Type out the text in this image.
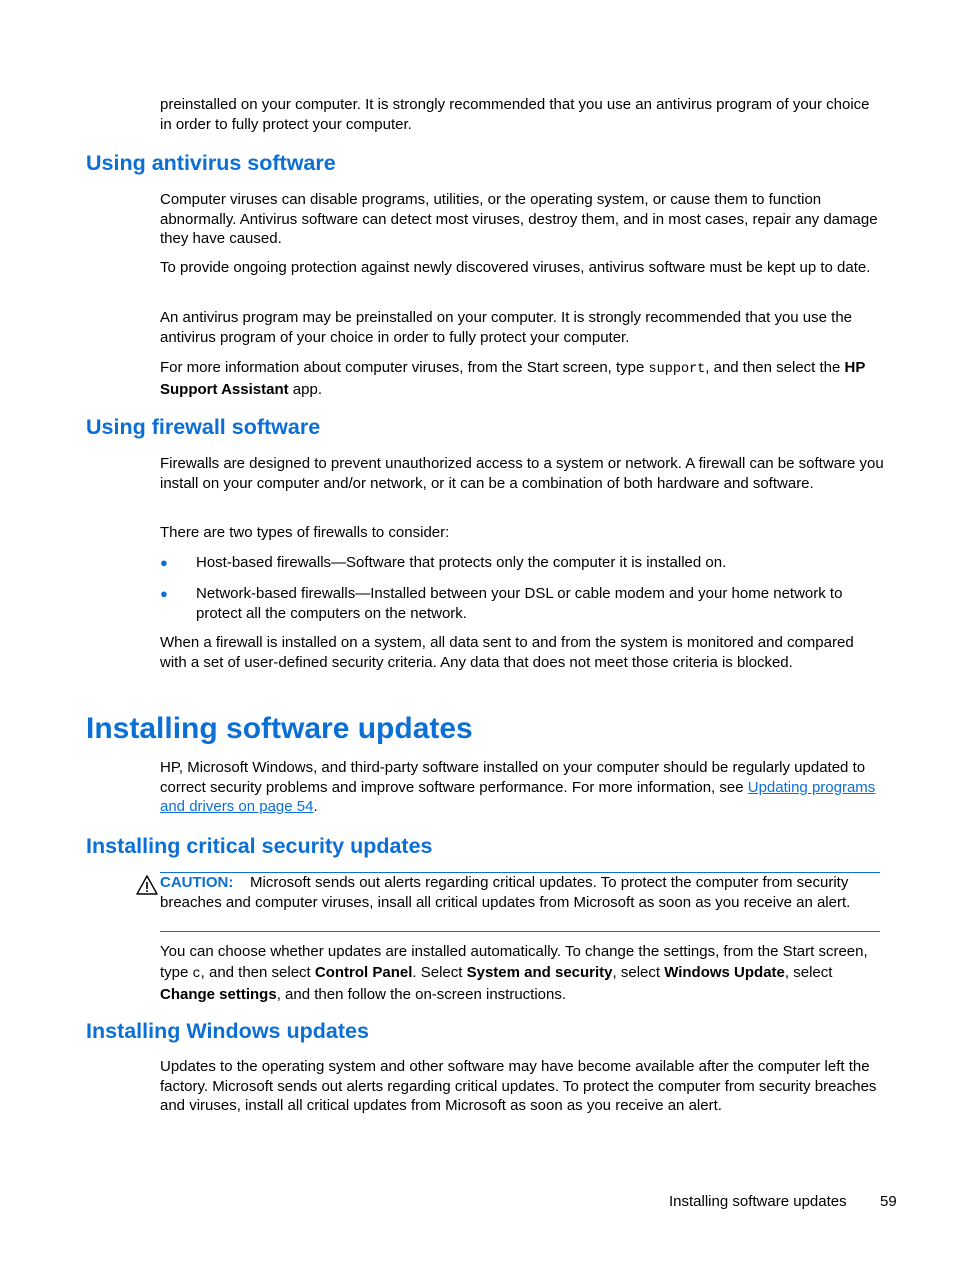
preinstalled on your computer. It is strongly recommended that you use an antivirus program of your choice in order to fully protect your computer.

Using antivirus software

Computer viruses can disable programs, utilities, or the operating system, or cause them to function abnormally. Antivirus software can detect most viruses, destroy them, and in most cases, repair any damage they have caused.

To provide ongoing protection against newly discovered viruses, antivirus software must be kept up to date.

An antivirus program may be preinstalled on your computer. It is strongly recommended that you use the antivirus program of your choice in order to fully protect your computer.

For more information about computer viruses, from the Start screen, type support, and then select the HP Support Assistant app.

Using firewall software

Firewalls are designed to prevent unauthorized access to a system or network. A firewall can be software you install on your computer and/or network, or it can be a combination of both hardware and software.

There are two types of firewalls to consider:

● Host-based firewalls—Software that protects only the computer it is installed on.
● Network-based firewalls—Installed between your DSL or cable modem and your home network to protect all the computers on the network.

When a firewall is installed on a system, all data sent to and from the system is monitored and compared with a set of user-defined security criteria. Any data that does not meet those criteria is blocked.

Installing software updates

HP, Microsoft Windows, and third-party software installed on your computer should be regularly updated to correct security problems and improve software performance. For more information, see Updating programs and drivers on page 54.

Installing critical security updates

CAUTION: Microsoft sends out alerts regarding critical updates. To protect the computer from security breaches and computer viruses, insall all critical updates from Microsoft as soon as you receive an alert.

You can choose whether updates are installed automatically. To change the settings, from the Start screen, type c, and then select Control Panel. Select System and security, select Windows Update, select Change settings, and then follow the on-screen instructions.

Installing Windows updates

Updates to the operating system and other software may have become available after the computer left the factory. Microsoft sends out alerts regarding critical updates. To protect the computer from security breaches and viruses, install all critical updates from Microsoft as soon as you receive an alert.

Installing software updates 59
